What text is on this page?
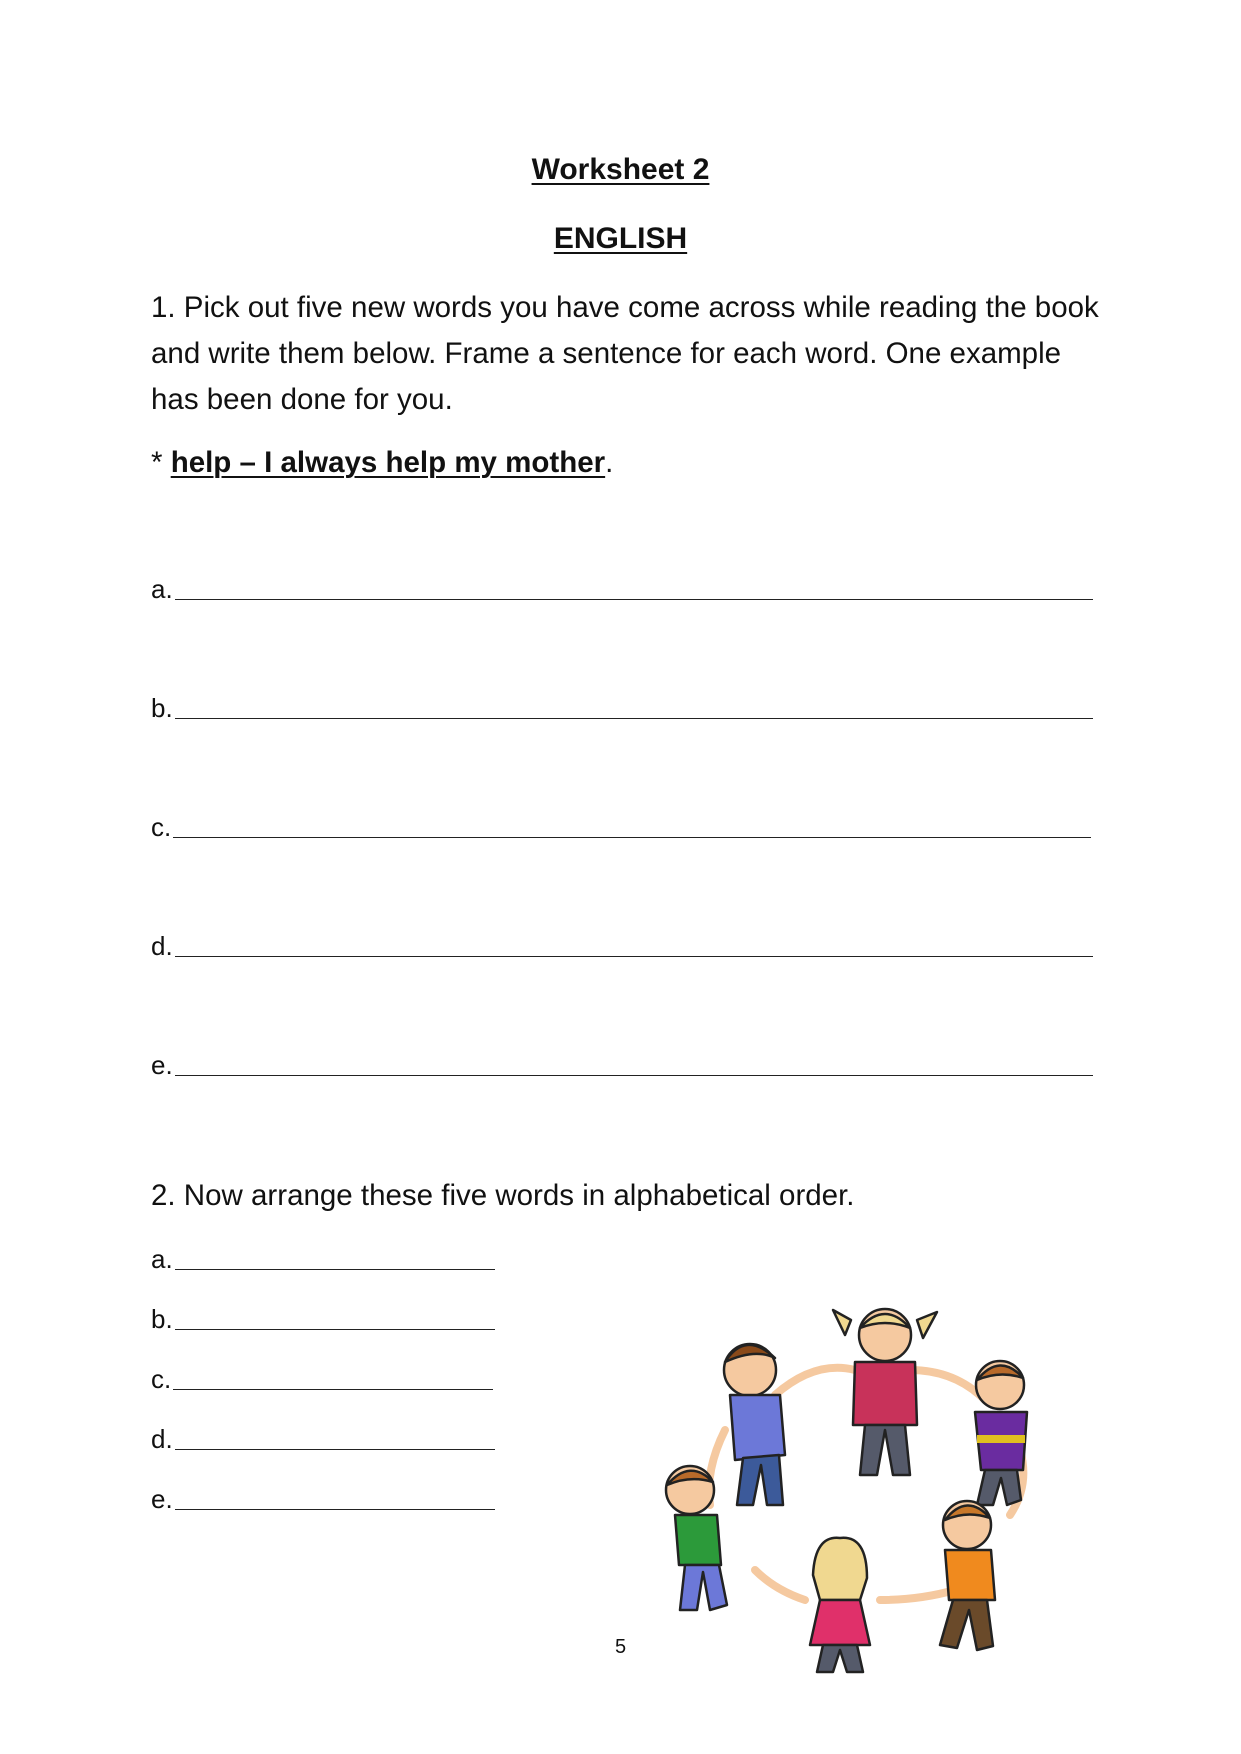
Worksheet 2
ENGLISH
1. Pick out five new words you have come across while reading the book and write them below. Frame a sentence for each word. One example has been done for you.
* help – I always help my mother.
a.
b.
c.
d.
e.
2. Now arrange these five words in alphabetical order.
a.
b.
c.
d.
e.
5
